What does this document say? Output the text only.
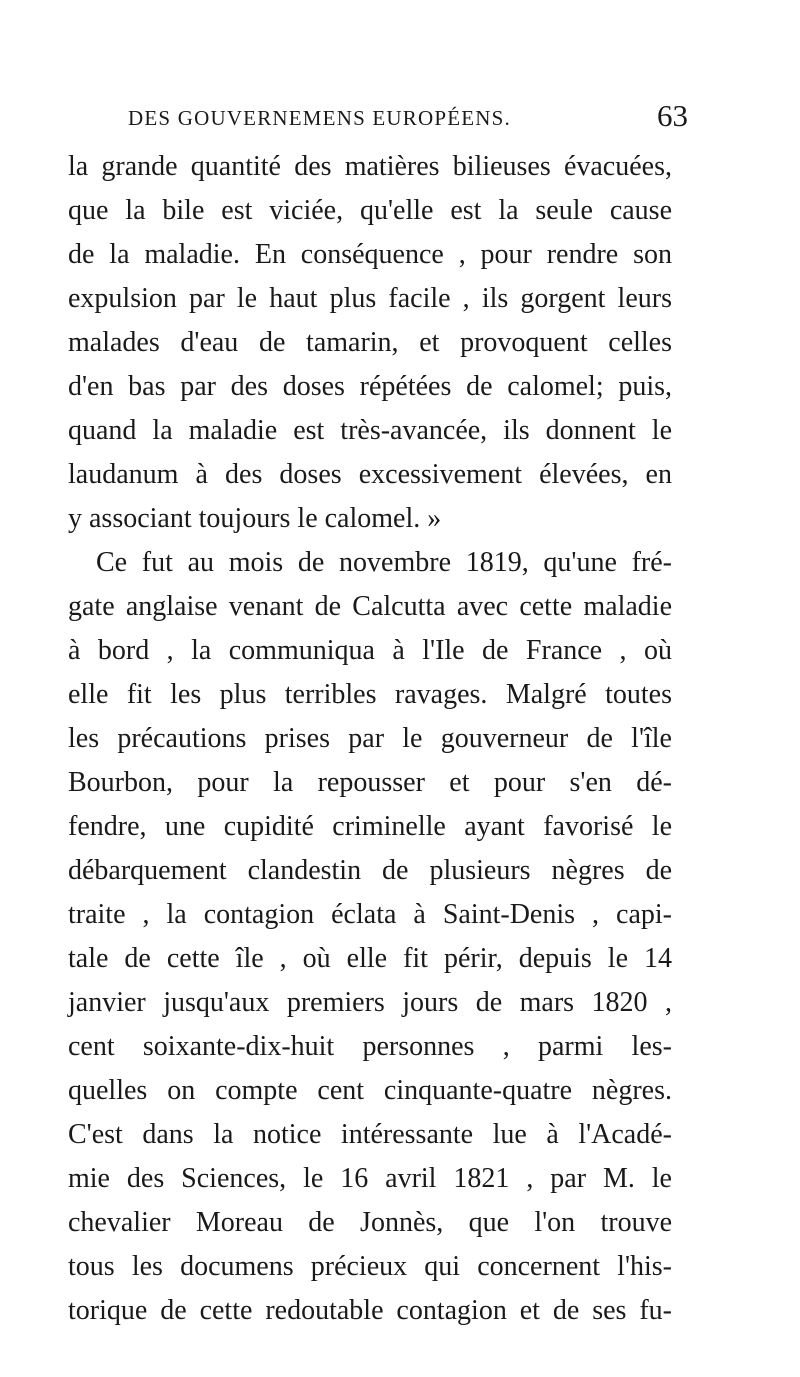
DES GOUVERNEMENS EUROPÉENS.	63
la grande quantité des matières bilieuses évacuées,
que la bile est viciée, qu'elle est la seule cause
de la maladie. En conséquence , pour rendre son
expulsion par le haut plus facile , ils gorgent leurs
malades d'eau de tamarin, et provoquent celles
d'en bas par des doses répétées de calomel; puis,
quand la maladie est très-avancée, ils donnent le
laudanum à des doses excessivement élevées, en
y associant toujours le calomel. »
Ce fut au mois de novembre 1819, qu'une fré-
gate anglaise venant de Calcutta avec cette maladie
à bord , la communiqua à l'Ile de France , où
elle fit les plus terribles ravages. Malgré toutes
les précautions prises par le gouverneur de l'île
Bourbon, pour la repousser et pour s'en dé-
fendre, une cupidité criminelle ayant favorisé le
débarquement clandestin de plusieurs nègres de
traite , la contagion éclata à Saint-Denis , capi-
tale de cette île , où elle fit périr, depuis le 14
janvier jusqu'aux premiers jours de mars 1820 ,
cent soixante-dix-huit personnes , parmi les-
quelles on compte cent cinquante-quatre nègres.
C'est dans la notice intéressante lue à l'Acadé-
mie des Sciences, le 16 avril 1821 , par M. le
chevalier Moreau de Jonnès, que l'on trouve
tous les documens précieux qui concernent l'his-
torique de cette redoutable contagion et de ses fu-
